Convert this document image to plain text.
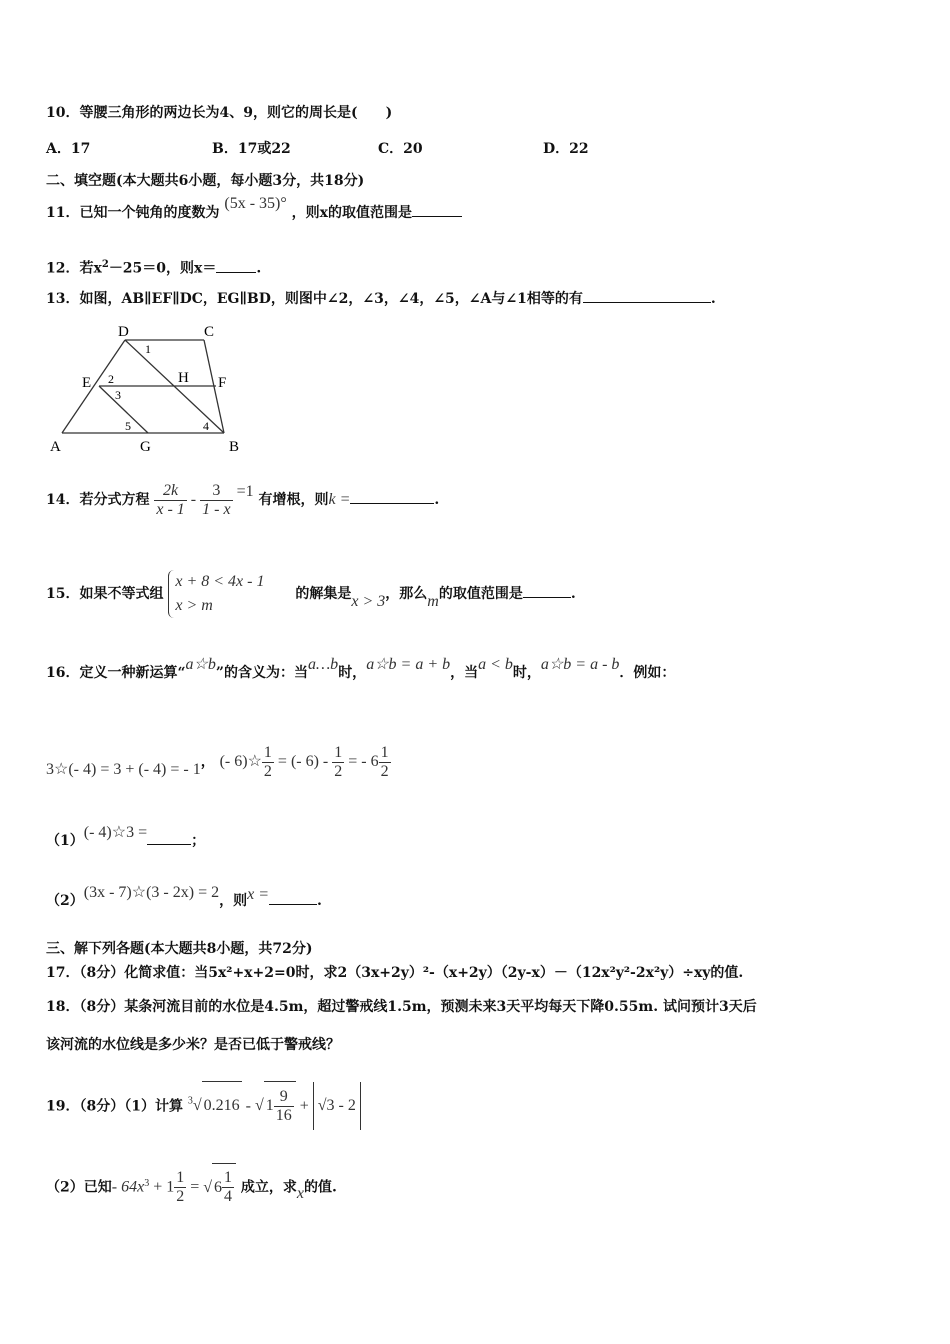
10．等腰三角形的两边长为4、9，则它的周长是(　　)
A．17	B．17或22	C．20	D．22
二、填空题(本大题共6小题，每小题3分，共18分)
11．已知一个钝角的度数为 (5x - 35)° ，则x的取值范围是
12．若$x^2-25=0$，则x＝	.
13．如图，AB∥EF∥DC，EG∥BD，则图中∠2，∠3，∠4，∠5，∠A与∠1相等的有	.
D	C
E	H F
A	G	B
1
2
3
4
5
14．若分式方程 $\frac{2k}{x - 1} - \frac{3}{1 - x} =1$ 有增根，则k =	.
15．如果不等式组
x + 8 < 4x - 1
x > m
的解集是x > 3，那么m的取值范围是	.
16．定义一种新运算“a☆b”的含义为：当a…b时，a☆b = a + b，当a < b时，a☆b = a - b．例如：
3☆(- 4) = 3 + (- 4) = - 1， (- 6)☆ $\frac{1}{2}$ = (- $6) - \frac{1}{2}$ = - $6 \frac{1}{2}$
（1）(- 4)☆3 =	；
（2）(3x - 7)☆(3 - 2x) = 2，则x =	.
三、解下列各题(本大题共8小题，共72分)
17．（8分）化简求值：当5x²+x+2=0时，求2（3x+2y）²-（x+2y）（2y-x）－（12x²y²-2x²y）÷xy的值.
18．（8分）某条河流目前的水位是4.5m，超过警戒线1.5m，预测未来3天平均每天下降0.55m. 试问预计3天后
该河流的水位线是多少米？是否已低于警戒线？
19．（8分）（1）计算 $^3$√ 0.216 - √ $1 \frac{9}{16} + √3 - 2$
（2）已知- $64x^3 + 1 \frac{1}{2}$ = √ $6 \frac{1}{4}$ 成立，求x的值.
